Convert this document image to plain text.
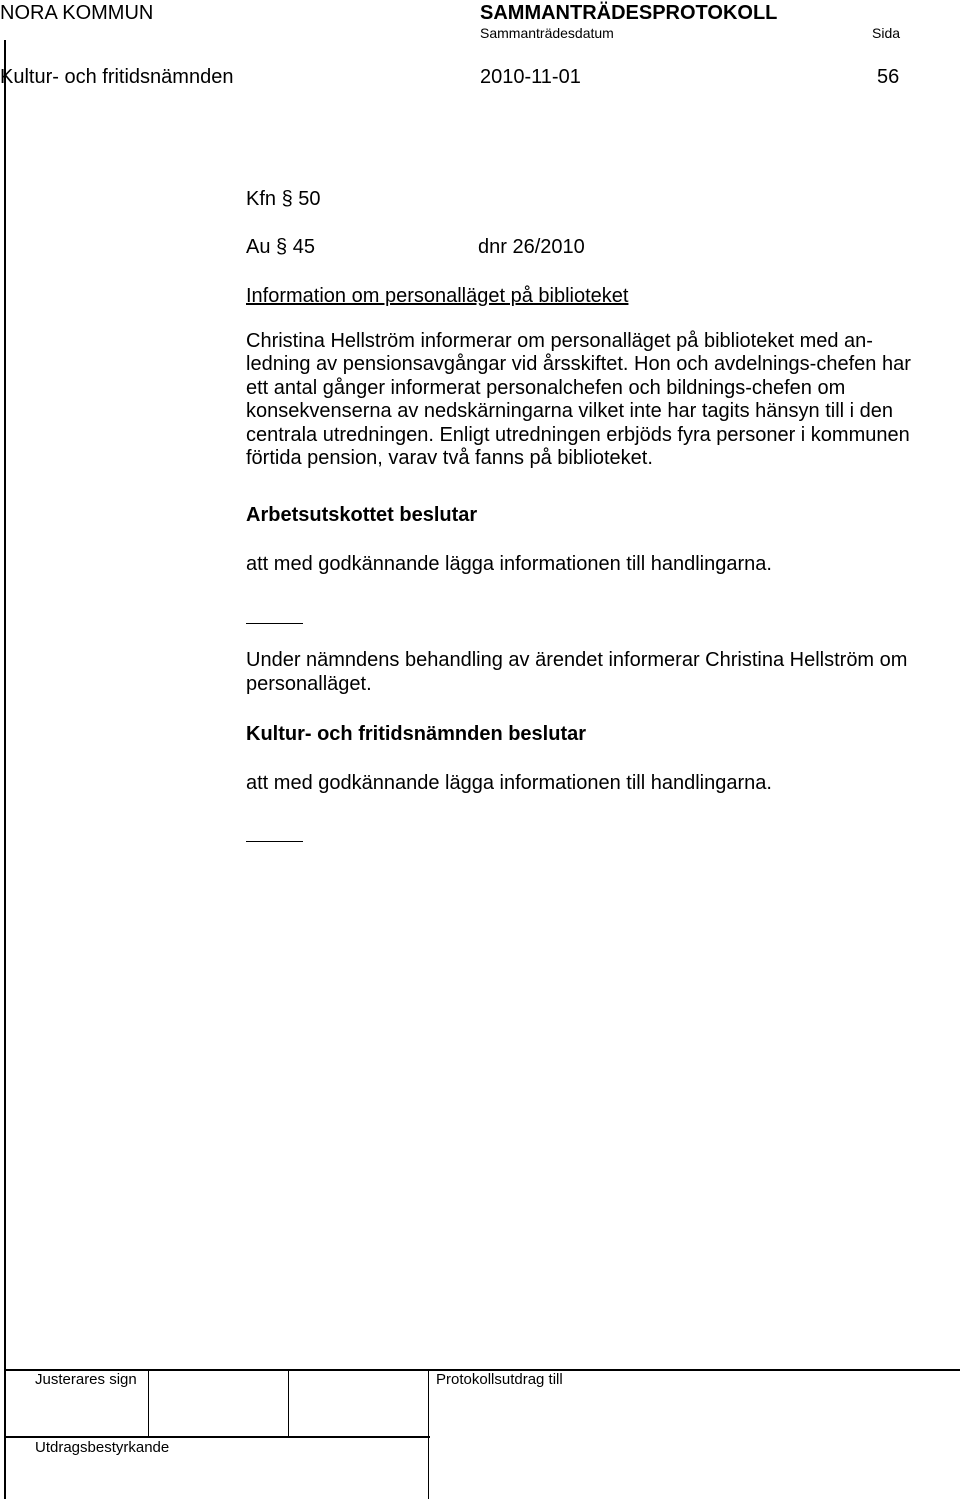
NORA KOMMUN	SAMMANTRÄDESPROTOKOLL
Sammanträdesdatum	Sida
Kultur- och fritidsnämnden	2010-11-01	56
Kfn § 50
Au § 45	dnr 26/2010
Information om personalläget på biblioteket
Christina Hellström informerar om personalläget på biblioteket med an-ledning av pensionsavgångar vid årsskiftet. Hon och avdelnings-chefen har ett antal gånger informerat personalchefen och bildnings-chefen om konsekvenserna av nedskärningarna vilket inte har tagits hänsyn till i den centrala utredningen. Enligt utredningen erbjöds fyra personer i kommunen förtida pension, varav två fanns på biblioteket.
Arbetsutskottet beslutar
att med godkännande lägga informationen till handlingarna.
Under nämndens behandling av ärendet informerar Christina Hellström om personalläget.
Kultur- och fritidsnämnden beslutar
att med godkännande lägga informationen till handlingarna.
Justerares sign	Protokollsutdrag till
Utdragsbestyrkande
